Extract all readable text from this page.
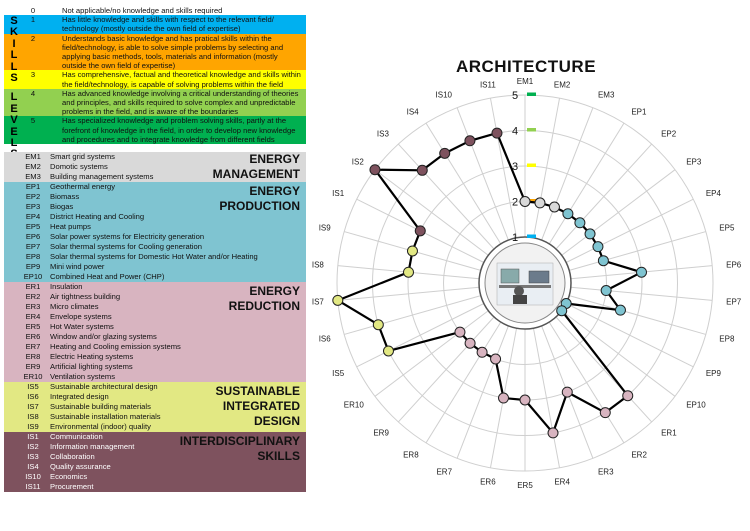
S
K
I
L
L
S
L
E
V
E
L
0	Not applicable/no knowledge and skills required
1	Has little knowledge and skills with respect to the relevant field/ technology (mostly outside the own field of expertise)
2	Understands basic knowledge and has pratical skills within the field/technology, is able to solve simple problems by selecting and applying basic methods, tools, materials and information (mostly outside the own field of expertise)
3	Has comprehensive, factual and theoretical knowledge and skills within the field/technology, is capable of solving problems within the field
4	Has advanced knowledge involving a critical understanding of theories and principles, and skills required to solve complex and unpredictable problems in the field, and is aware of the boundaries
5	Has specialized knowledge and problem solving skills, partly at the forefront of knowledge in the field, in order to develop new knowledge and procedures and to integrate knowledge from different fields
EM1	Smart grid systems
EM2	Domotic systems
EM3	Building management systems
ENERGY
MANAGEMENT
EP1	Geothermal energy
EP2	Biomass
EP3	Biogas
EP4	District Heating and Cooling
EP5	Heat pumps
EP6	Solar power systems for Electricity generation
EP7	Solar thermal systems for Cooling generation
EP8	Solar thermal systems for Domestic Hot Water and/or Heating
EP9	Mini wind power
EP10	Combined Heat and Power (CHP)
ENERGY
PRODUCTION
ER1	Insulation
ER2	Air tightness building
ER3	Micro climates
ER4	Envelope systems
ER5	Hot Water systems
ER6	Window and/or glazing systems
ER7	Heating and Cooling emission systems
ER8	Electric Heating systems
ER9	Artificial lighting systems
ER10 Ventilation systems
ENERGY
REDUCTION
IS5	Sustainable architectural design
IS6	Integrated design
IS7	Sustainable building materials
IS8	Sustainable installation materials
IS9	Environmental (indoor) quality
SUSTAINABLE
INTEGRATED
DESIGN
IS1	Communication
IS2	Information management
IS3	Collaboration
IS4	Quality assurance
IS10	Economics
IS11	Procurement
INTERDISCIPLINARY
SKILLS
ARCHITECTURE
1
2
3
4
5
EM1	EM2
EM3
EP1
EP2
EP3
EP4
EP5
EP6
EP7
EP8
EP9
EP10
ER1
ER2
ER3
ER4
ER5
ER6
ER7
ER8
ER9
ER10
IS5
IS6
IS7
IS8
IS9
IS1
IS2
IS3
IS4
IS10
IS11
